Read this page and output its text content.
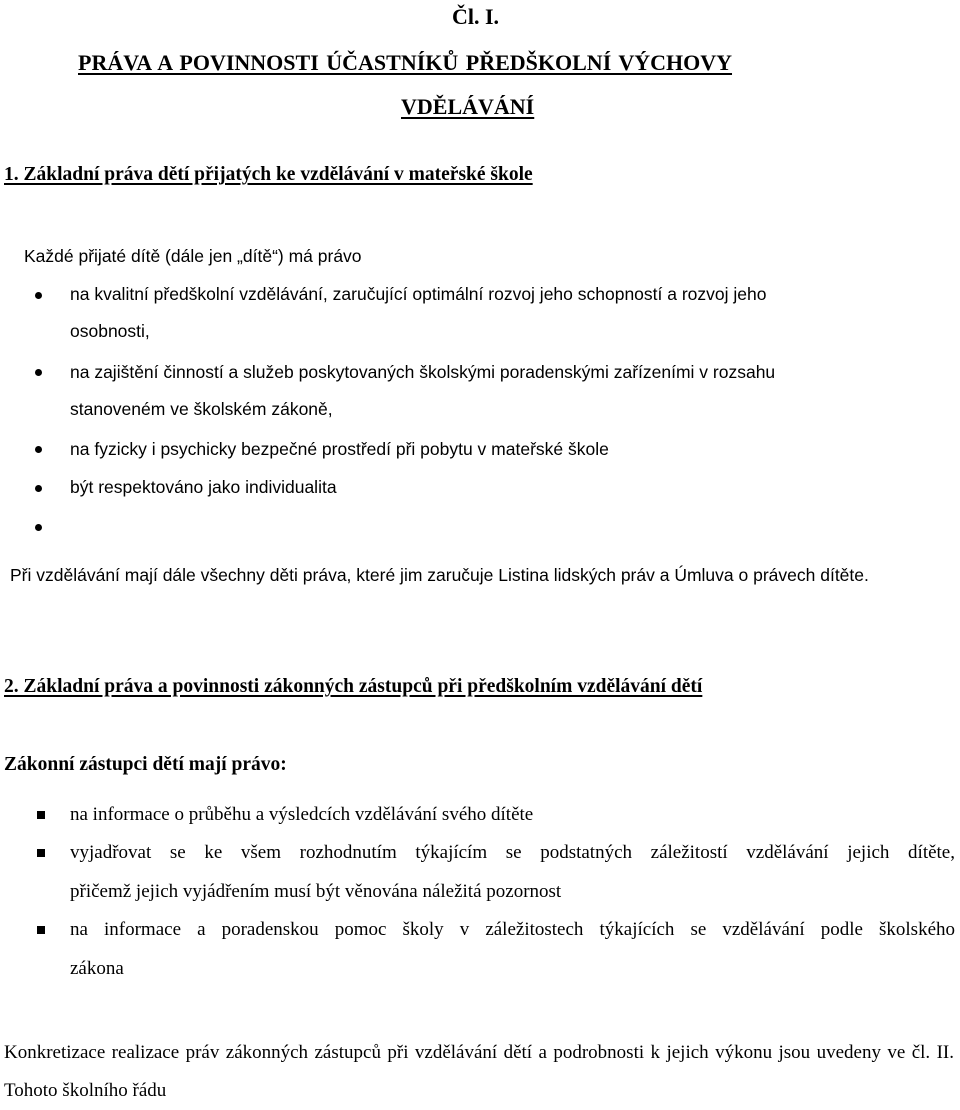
Čl. I.
PRÁVA A POVINNOSTI ÚČASTNÍKŮ PŘEDŠKOLNÍ VÝCHOVY
VDĚLÁVÁNÍ
1. Základní práva dětí přijatých ke vzdělávání v mateřské škole
Každé přijaté dítě (dále jen „dítě“) má právo
na kvalitní předškolní vzdělávání, zaručující optimální rozvoj jeho schopností a rozvoj jeho
osobnosti,
na zajištění činností a služeb poskytovaných školskými poradenskými zařízeními v rozsahu
stanoveném ve školském zákoně,
na fyzicky i psychicky bezpečné prostředí při pobytu v mateřské škole
být respektováno jako individualita
Při vzdělávání mají dále všechny děti práva, které jim zaručuje Listina lidských práv a Úmluva o právech dítěte.
2. Základní práva a povinnosti zákonných zástupců při předškolním vzdělávání dětí
Zákonní zástupci dětí mají právo:
na informace o průběhu a výsledcích vzdělávání svého dítěte
vyjadřovat se ke všem rozhodnutím týkajícím se podstatných záležitostí vzdělávání jejich dítěte,
přičemž jejich vyjádřením musí být věnována náležitá pozornost
na informace a poradenskou pomoc školy v záležitostech týkajících se vzdělávání podle školského
zákona
Konkretizace realizace práv zákonných zástupců při vzdělávání dětí a podrobnosti k jejich výkonu jsou uvedeny ve čl. II. Tohoto školního řádu
